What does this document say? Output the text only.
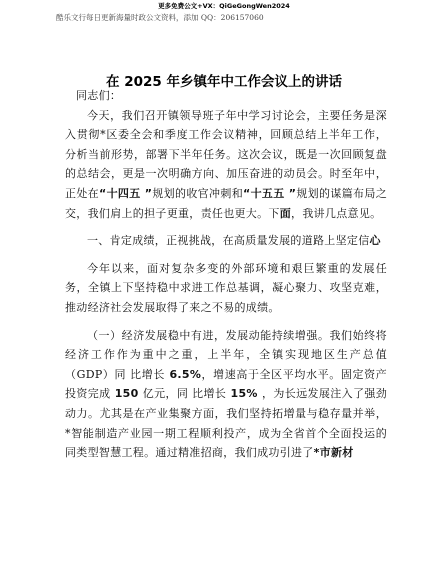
更多免费公文+VX：QiGeGongWen2024
酷乐文行每日更新海量时政公文资料，添加 QQ：206157060
在 2025 年乡镇年中工作会议上的讲话

同志们：

今天，我们召开镇领导班子年中学习讨论会，主要任务是深入贯彻*区委全会和季度工作会议精神，回顾总结上半年工作，分析当前形势，部署下半年任务。这次会议，既是一次回顾复盘的总结会，更是一次明确方向、加压奋进的动员会。时至年中，正处在“十四五 ”规划的收官冲刺和“十五五 ”规划的谋篇布局之交，我们肩上的担子更重，责任也更大。下面，我讲几点意见。

一、肯定成绩，正视挑战，在高质量发展的道路上坚定信心

今年以来，面对复杂多变的外部环境和艰巨繁重的发展任务，全镇上下坚持稳中求进工作总基调，凝心聚力、攻坚克难，推动经济社会发展取得了来之不易的成绩。

（一）经济发展稳中有进，发展动能持续增强。我们始终将经济工作作为重中之重，上半年，全镇实现地区生产总值（GDP）同 比增长 6.5%，增速高于全区平均水平。固定资产投资完成 150 亿元，同 比增长 15% ，为长远发展注入了强劲动力。尤其是在产业集聚方面，我们坚持拓增量与稳存量并举，*智能制造产业园一期工程顺利投产，成为全省首个全面投运的同类型智慧工程。通过精准招商，我们成功引进了*市新材
